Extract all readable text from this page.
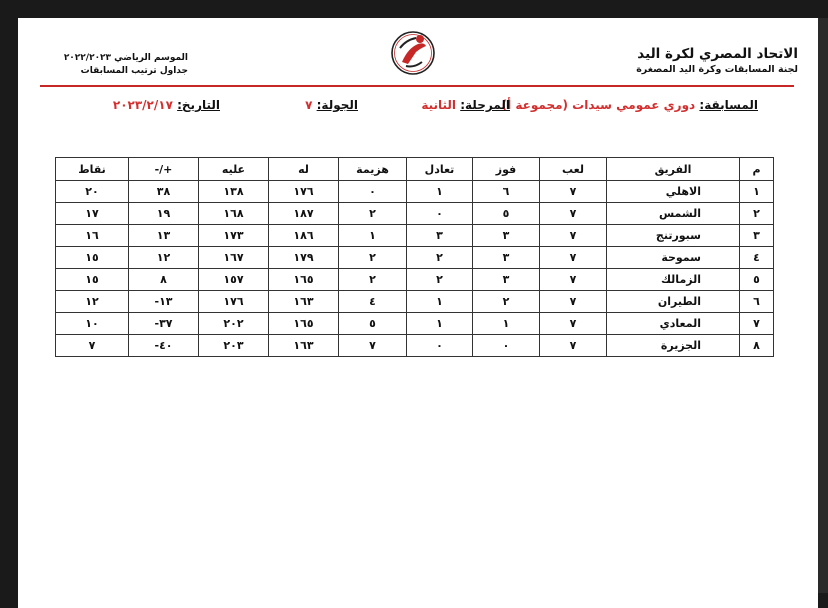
الاتحاد المصري لكرة اليد
لجنة المسابقات وكرة اليد المصغرة
الموسم الرياضي ٢٠٢٢/٢٠٢٣
جداول ترتيب المسابقات
المسابقة: دوري عمومي سيدات (مجموعة أ)
المرحلة: الثانية
الجولة: ٧
التاريخ: ٢٠٢٣/٢/١٧
م	الفريق	لعب	فوز	تعادل	هزيمة	له	عليه	+/-	نقاط
١	الاهلي	٧	٦	١	٠	١٧٦	١٣٨	٣٨	٢٠
٢	الشمس	٧	٥	٠	٢	١٨٧	١٦٨	١٩	١٧
٣	سبورتنج	٧	٣	٣	١	١٨٦	١٧٣	١٣	١٦
٤	سموحة	٧	٣	٢	٢	١٧٩	١٦٧	١٢	١٥
٥	الزمالك	٧	٣	٢	٢	١٦٥	١٥٧	٨	١٥
٦	الطيران	٧	٢	١	٤	١٦٣	١٧٦	١٣-	١٢
٧	المعادي	٧	١	١	٥	١٦٥	٢٠٢	٣٧-	١٠
٨	الجزيرة	٧	٠	٠	٧	١٦٣	٢٠٣	٤٠-	٧
